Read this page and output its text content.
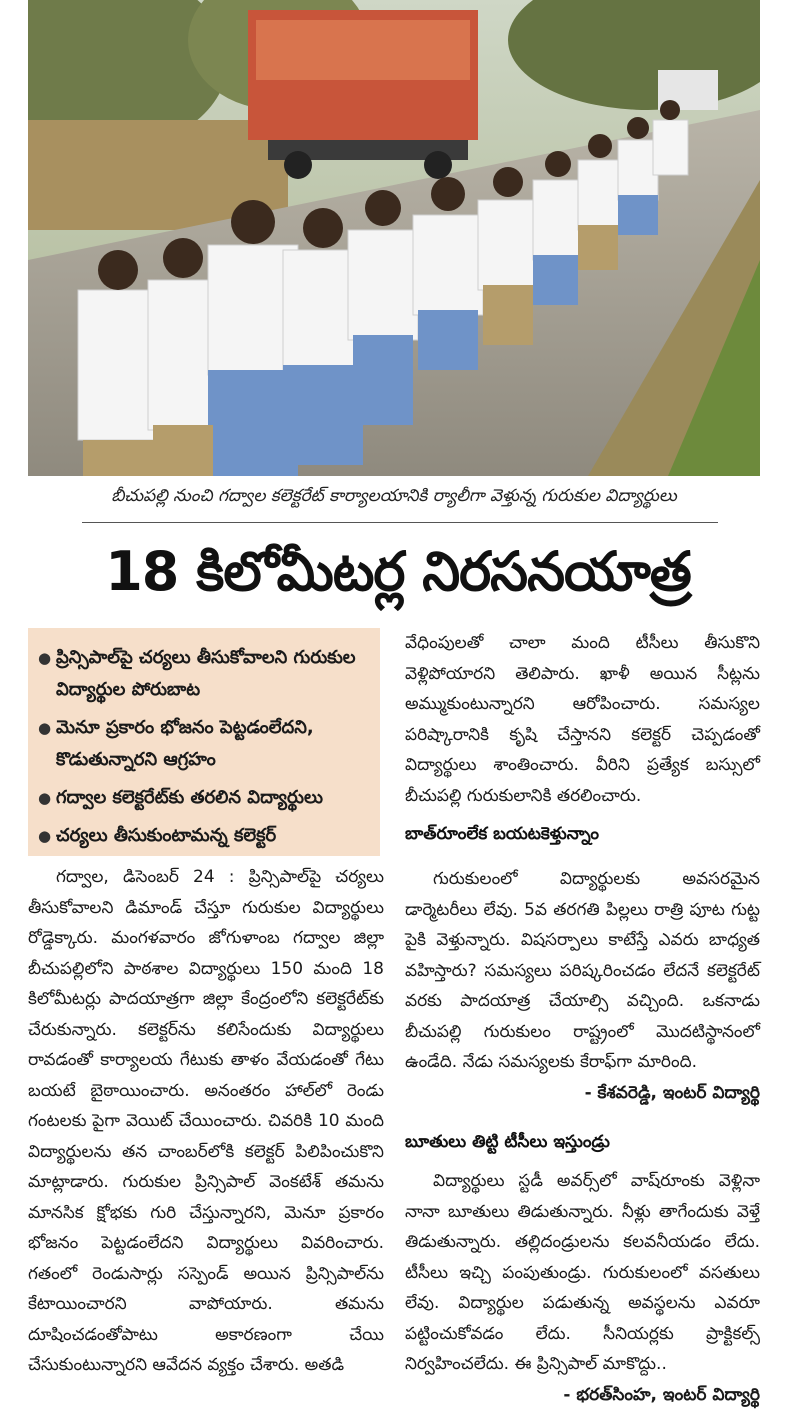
బీచుపల్లి నుంచి గద్వాల కలెక్టరేట్ కార్యాలయానికి ర్యాలీగా వెళ్తున్న గురుకుల విద్యార్థులు
18 కిలోమీటర్ల నిరసనయాత్ర
● ప్రిన్సిపాల్‌పై చర్యలు తీసుకోవాలని గురుకుల విద్యార్థుల పోరుబాట
● మెనూ ప్రకారం భోజనం పెట్టడంలేదని, కొడుతున్నారని ఆగ్రహం
● గద్వాల కలెక్టరేట్‌కు తరలిన విద్యార్థులు
● చర్యలు తీసుకుంటామన్న కలెక్టర్

గద్వాల, డిసెంబర్ 24 : ప్రిన్సిపాల్‌పై చర్యలు తీసుకోవాలని డిమాండ్ చేస్తూ గురుకుల విద్యార్థులు రోడ్డెక్కారు. మంగళవారం జోగుళాంబ గద్వాల జిల్లా బీచుపల్లిలోని పాఠశాల విద్యార్థులు 150 మంది 18 కిలోమీటర్లు పాదయాత్రగా జిల్లా కేంద్రంలోని కలెక్టరేట్‌కు చేరుకున్నారు. కలెక్టర్‌ను కలిసేందుకు విద్యార్థులు రావడంతో కార్యాలయ గేటుకు తాళం వేయడంతో గేటు బయటే బైఠాయించారు. అనంతరం హాల్‌లో రెండు గంటలకు పైగా వెయిట్ చేయించారు. చివరికి 10 మంది విద్యార్థులను తన చాంబర్‌లోకి కలెక్టర్ పిలిపించుకొని మాట్లాడారు. గురుకుల ప్రిన్సిపాల్ వెంకటేశ్ తమను మానసిక క్షోభకు గురి చేస్తున్నారని, మెనూ ప్రకారం భోజనం పెట్టడంలేదని విద్యార్థులు వివరించారు. గతంలో రెండుసార్లు సస్పెండ్ అయిన ప్రిన్సిపాల్‌ను కేటాయించారని వాపోయారు. తమను దూషించడంతోపాటు అకారణంగా చేయి చేసుకుంటున్నారని ఆవేదన వ్యక్తం చేశారు. అతడి

వేధింపులతో చాలా మంది టీసీలు తీసుకొని వెళ్లిపోయారని తెలిపారు. ఖాళీ అయిన సీట్లను అమ్ముకుంటున్నారని ఆరోపించారు. సమస్యల పరిష్కారానికి కృషి చేస్తానని కలెక్టర్ చెప్పడంతో విద్యార్థులు శాంతించారు. వీరిని ప్రత్యేక బస్సులో బీచుపల్లి గురుకులానికి తరలించారు.

బాత్‌రూంలేక బయటకెళ్తున్నాం

గురుకులంలో విద్యార్థులకు అవసరమైన డార్మెటరీలు లేవు. 5వ తరగతి పిల్లలు రాత్రి పూట గుట్ట పైకి వెళ్తున్నారు. విషసర్పాలు కాటేస్తే ఎవరు బాధ్యత వహిస్తారు? సమస్యలు పరిష్కరించడం లేదనే కలెక్టరేట్ వరకు పాదయాత్ర చేయాల్సి వచ్చింది. ఒకనాడు బీచుపల్లి గురుకులం రాష్ట్రంలో మొదటిస్థానంలో ఉండేది. నేడు సమస్యలకు కేరాఫ్‌గా మారింది.

- కేశవరెడ్డి, ఇంటర్ విద్యార్థి

బూతులు తిట్టి టీసీలు ఇస్తుండ్రు

విద్యార్థులు స్టడీ అవర్స్‌లో వాష్‌రూంకు వెళ్లినా నానా బూతులు తిడుతున్నారు. నీళ్లు తాగేందుకు వెళ్తే తిడుతున్నారు. తల్లిదండ్రులను కలవనీయడం లేదు. టీసీలు ఇచ్చి పంపుతుండ్రు. గురుకులంలో వసతులు లేవు. విద్యార్థుల పడుతున్న అవస్థలను ఎవరూ పట్టించుకోవడం లేదు. సీనియర్లకు ప్రాక్టికల్స్ నిర్వహించలేదు. ఈ ప్రిన్సిపాల్ మాకొద్దు..

- భరత్‌సింహ, ఇంటర్ విద్యార్థి
